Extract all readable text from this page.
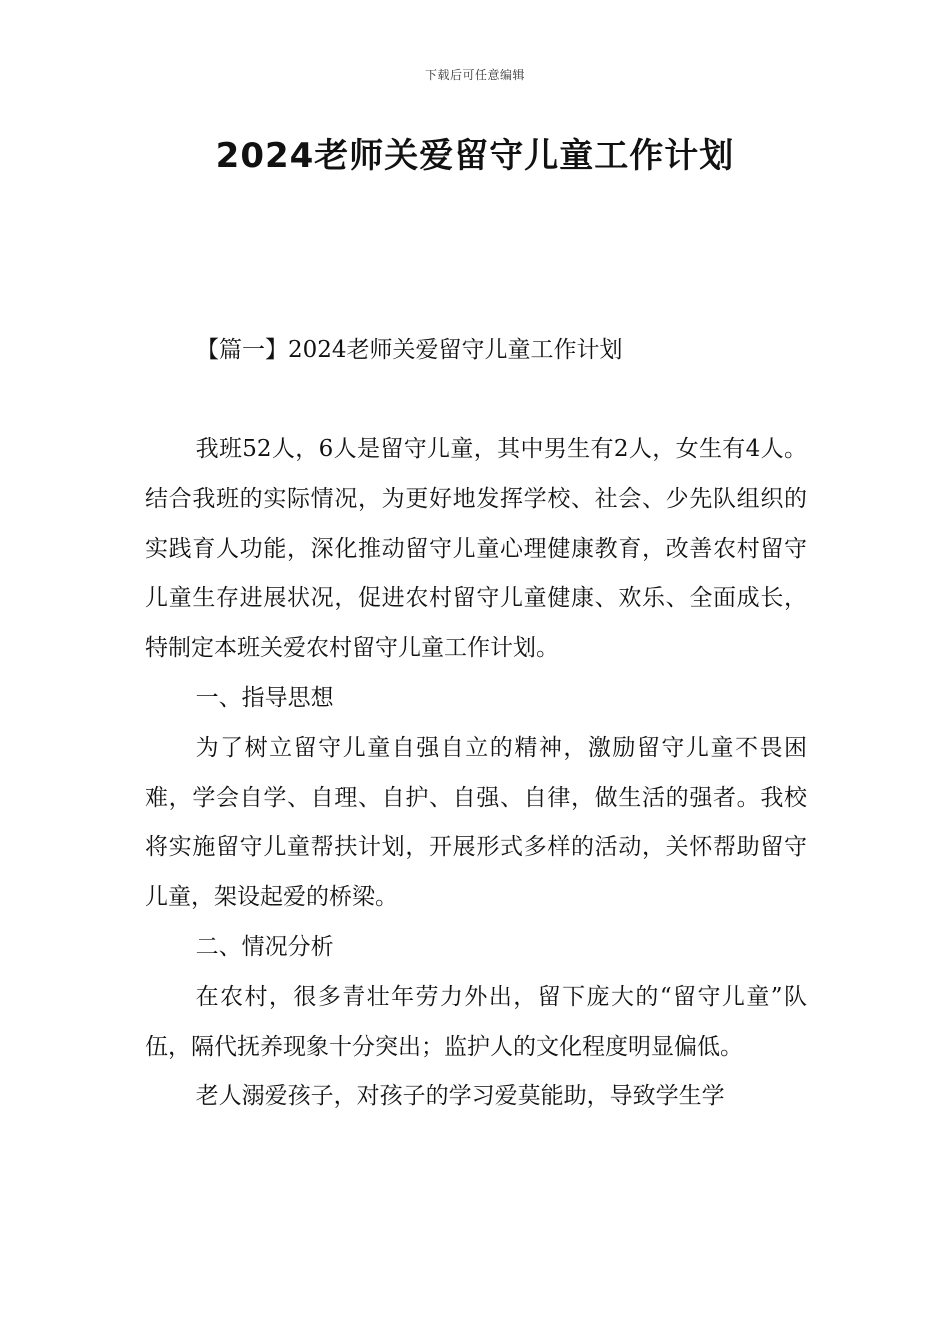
下载后可任意编辑
2024老师关爱留守儿童工作计划
【篇一】2024老师关爱留守儿童工作计划

我班52人，6人是留守儿童，其中男生有2人，女生有4人。结合我班的实际情况，为更好地发挥学校、社会、少先队组织的实践育人功能，深化推动留守儿童心理健康教育，改善农村留守儿童生存进展状况，促进农村留守儿童健康、欢乐、全面成长，特制定本班关爱农村留守儿童工作计划。

一、指导思想

为了树立留守儿童自强自立的精神，激励留守儿童不畏困难，学会自学、自理、自护、自强、自律，做生活的强者。我校将实施留守儿童帮扶计划，开展形式多样的活动，关怀帮助留守儿童，架设起爱的桥梁。

二、情况分析

在农村，很多青壮年劳力外出，留下庞大的“留守儿童”队伍，隔代抚养现象十分突出；监护人的文化程度明显偏低。

老人溺爱孩子，对孩子的学习爱莫能助，导致学生学
